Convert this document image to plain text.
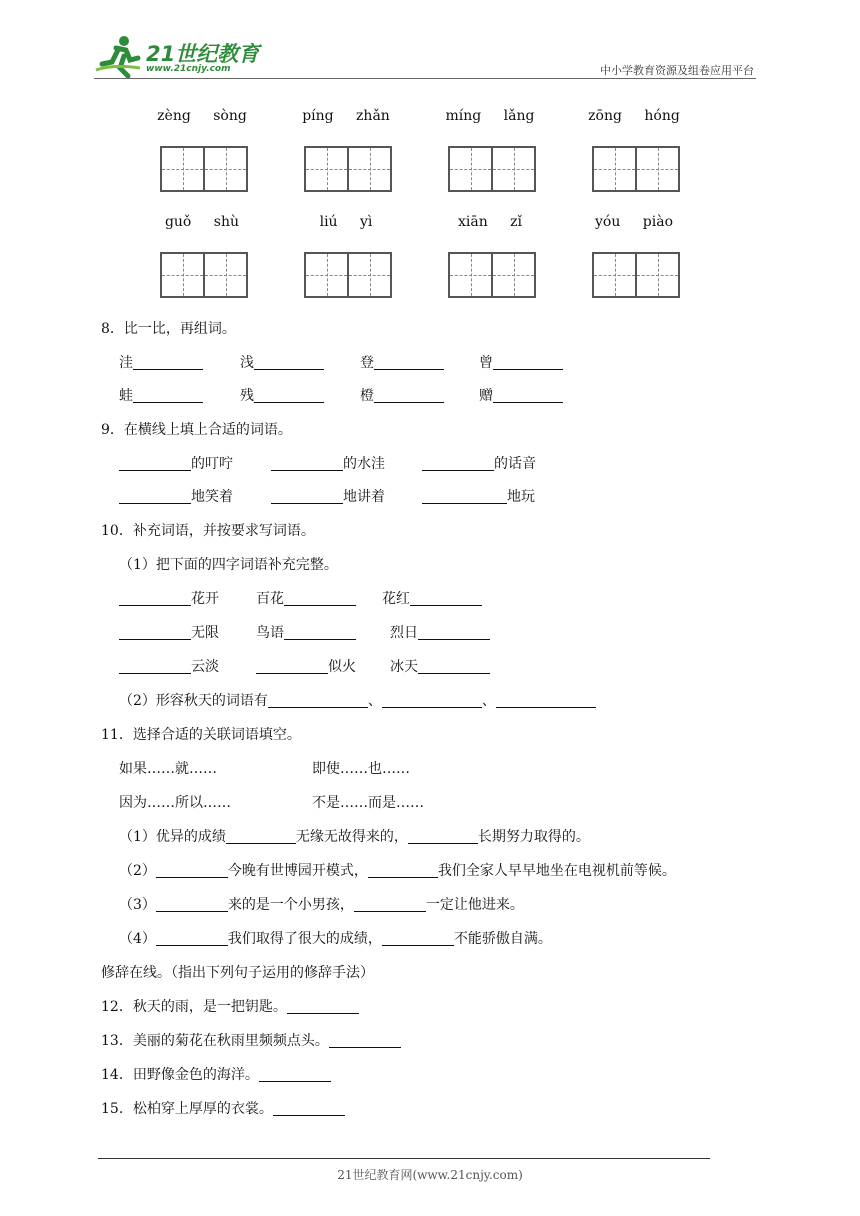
21世纪教育
www.21cnjy.com	中小学教育资源及组卷应用平台
zèng sòng	píng zhǎn	míng lǎng	zōng hóng
guǒ shù	liú yì	xiān zǐ	yóu piào
8．比一比，再组词。
洼	浅	登	曾
蛙	残	橙	赠
9．在横线上填上合适的词语。
的叮咛	的水洼	的话音
地笑着	地讲着	地玩
10．补充词语，并按要求写词语。
（1）把下面的四字词语补充完整。
花开	百花	花红
无限	鸟语	烈日
云淡	似火 冰天
（2）形容秋天的词语有	、	、
11．选择合适的关联词语填空。
如果……就……	即使……也……
因为……所以……	不是……而是……
（1）优异的成绩	无缘无故得来的，	长期努力取得的。
（2）	今晚有世博园开模式，	我们全家人早早地坐在电视机前等候。
（3）	来的是一个小男孩，	一定让他进来。
（4）	我们取得了很大的成绩，	不能骄傲自满。
修辞在线。（指出下列句子运用的修辞手法）
12．秋天的雨，是一把钥匙。
13．美丽的菊花在秋雨里频频点头。
14．田野像金色的海洋。
15．松柏穿上厚厚的衣裳。
21世纪教育网(www.21cnjy.com)
